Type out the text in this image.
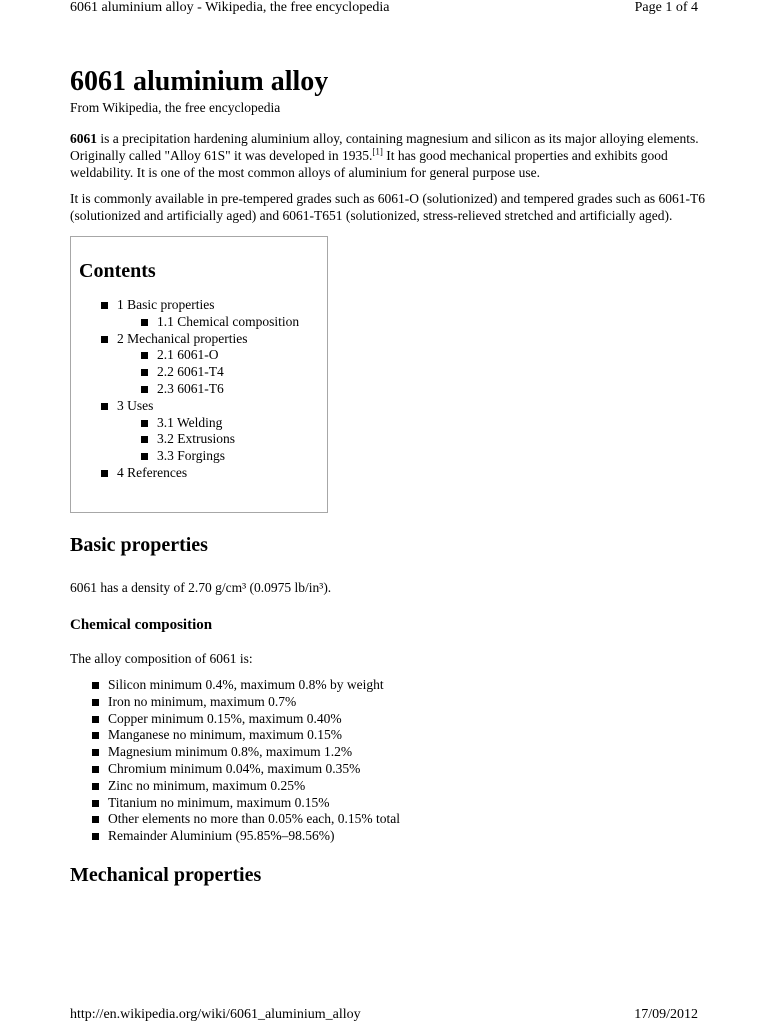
6061 aluminium alloy - Wikipedia, the free encyclopedia	Page 1 of 4
6061 aluminium alloy
From Wikipedia, the free encyclopedia

6061 is a precipitation hardening aluminium alloy, containing magnesium and silicon as its major alloying elements. Originally called "Alloy 61S" it was developed in 1935.[1] It has good mechanical properties and exhibits good weldability. It is one of the most common alloys of aluminium for general purpose use.

It is commonly available in pre-tempered grades such as 6061-O (solutionized) and tempered grades such as 6061-T6 (solutionized and artificially aged) and 6061-T651 (solutionized, stress-relieved stretched and artificially aged).

Contents
1 Basic properties
1.1 Chemical composition
2 Mechanical properties
2.1 6061-O
2.2 6061-T4
2.3 6061-T6
3 Uses
3.1 Welding
3.2 Extrusions
3.3 Forgings
4 References
Basic properties

6061 has a density of 2.70 g/cm³ (0.0975 lb/in³).

Chemical composition

The alloy composition of 6061 is:

Silicon minimum 0.4%, maximum 0.8% by weight
Iron no minimum, maximum 0.7%
Copper minimum 0.15%, maximum 0.40%
Manganese no minimum, maximum 0.15%
Magnesium minimum 0.8%, maximum 1.2%
Chromium minimum 0.04%, maximum 0.35%
Zinc no minimum, maximum 0.25%
Titanium no minimum, maximum 0.15%
Other elements no more than 0.05% each, 0.15% total
Remainder Aluminium (95.85%–98.56%)
Mechanical properties
http://en.wikipedia.org/wiki/6061_aluminium_alloy	17/09/2012
